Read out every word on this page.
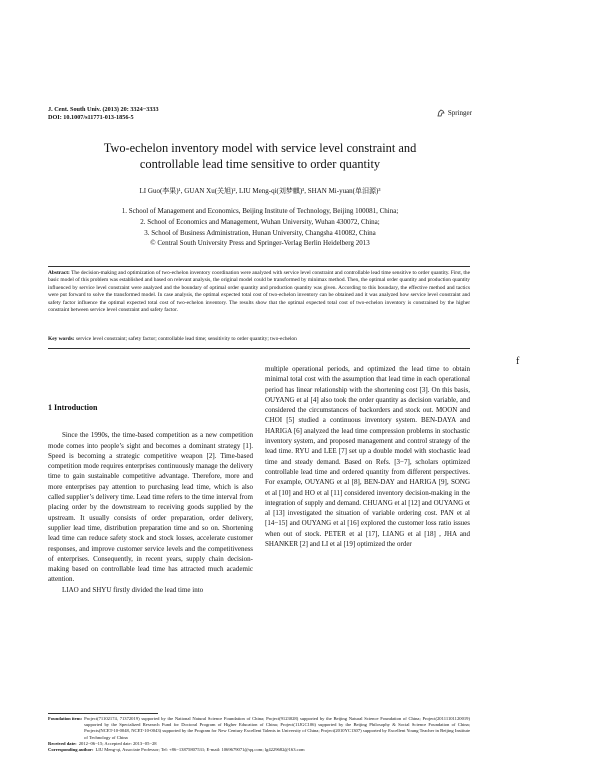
J. Cent. South Univ. (2013) 20: 3324−3333
DOI: 10.1007/s11771-013-1856-5
Springer
Two-echelon inventory model with service level constraint and
controllable lead time sensitive to order quantity
LI Guo(李果)¹, GUAN Xu(关旭)², LIU Meng-qi(刘梦麒)³, SHAN Mi-yuan(单汨源)³
1. School of Management and Economics, Beijing Institute of Technology, Beijing 100081, China;
2. School of Economics and Management, Wuhan University, Wuhan 430072, China;
3. School of Business Administration, Hunan University, Changsha 410082, China
© Central South University Press and Springer-Verlag Berlin Heidelberg 2013
Abstract: The decision-making and optimization of two-echelon inventory coordination were analyzed with service level constraint and controllable lead time sensitive to order quantity. First, the basic model of this problem was established and based on relevant analysis, the original model could be transformed by minimax method. Then, the optimal order quantity and production quantity influenced by service level constraint were analyzed and the boundary of optimal order quantity and production quantity was given. According to this boundary, the effective method and tactics were put forward to solve the transformed model. In case analysis, the optimal expected total cost of two-echelon inventory can be obtained and it was analyzed how service level constraint and safety factor influence the optimal expected total cost of two-echelon inventory. The results show that the optimal expected total cost of two-echelon inventory is constrained by the higher constraint between service level constraint and safety factor.
Key words: service level constraint; safety factor; controllable lead time; sensitivity to order quantity; two-echelon
f
1 Introduction

Since the 1990s, the time-based competition as a new competition mode comes into people’s sight and becomes a dominant strategy [1]. Speed is becoming a strategic competitive weapon [2]. Time-based competition mode requires enterprises continuously manage the delivery time to gain sustainable competitive advantage. Therefore, more and more enterprises pay attention to purchasing lead time, which is also called supplier’s delivery time. Lead time refers to the time interval from placing order by the downstream to receiving goods supplied by the upstream. It usually consists of order preparation, order delivery, supplier lead time, distribution preparation time and so on. Shortening lead time can reduce safety stock and stock losses, accelerate customer responses, and improve customer service levels and the competitiveness of enterprises. Consequently, in recent years, supply chain decision-making based on controllable lead time has attracted much academic attention.

LIAO and SHYU firstly divided the lead time into

multiple operational periods, and optimized the lead time to obtain minimal total cost with the assumption that lead time in each operational period has linear relationship with the shortening cost [3]. On this basis, OUYANG et al [4] also took the order quantity as decision variable, and considered the circumstances of backorders and stock out. MOON and CHOI [5] studied a continuous inventory system. BEN-DAYA and HARIGA [6] analyzed the lead time compression problems in stochastic inventory system, and proposed management and control strategy of the lead time. RYU and LEE [7] set up a double model with stochastic lead time and steady demand. Based on Refs. [3−7], scholars optimized controllable lead time and ordered quantity from different perspectives. For example, OUYANG et al [8], BEN-DAY and HARIGA [9], SONG et al [10] and HO et al [11] considered inventory decision-making in the integration of supply and demand. CHUANG et al [12] and OUYANG et al [13] investigated the situation of variable ordering cost. PAN et al [14−15] and OUYANG et al [16] explored the customer loss ratio issues when out of stock. PETER et al [17], LIANG et al [18] , JHA and SHANKER [2] and LI et al [19] optimized the order

Foundation item: Project(71102174, 71372019) supported by the National Natural Science Foundation of China; Project(9123028) supported by the Beijing Natural Science Foundation of China; Project(20111101120019) supported by the Specialized Research Fund for Doctoral Program of Higher Education of China; Project(11JGC106) supported by the Beijing Philosophy & Social Science Foundation of China; Projects(NCET-10-0048, NCET-10-0043) supported by the Program for New Century Excellent Talents in University of China; Project(2010YC1307) supported by Excellent Young Teacher in Beijing Institute of Technology of China
Received date: 2012−06−15; Accepted date: 2013−05−28
Corresponding author: LIU Meng-qi, Associate Professor; Tel: +86−13875807531; E-mail: 1069679071@qq.com; lg4229682@163.com
